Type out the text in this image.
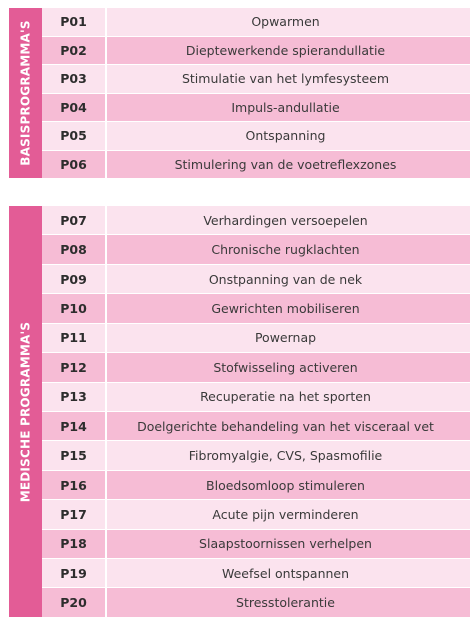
BASISPROGRAMMA'S	P01	Opwarmen
P02	Dieptewerkende spierandullatie
P03	Stimulatie van het lymfesysteem
P04	Impuls-andullatie
P05	Ontspanning
P06	Stimulering van de voetreflexzones
MEDISCHE PROGRAMMA'S
P07	Verhardingen versoepelen
P08	Chronische rugklachten
P09	Onstpanning van de nek
P10	Gewrichten mobiliseren
P11	Powernap
P12	Stofwisseling activeren
P13	Recuperatie na het sporten
P14	Doelgerichte behandeling van het visceraal vet
P15	Fibromyalgie, CVS, Spasmofilie
P16	Bloedsomloop stimuleren
P17	Acute pijn verminderen
P18	Slaapstoornissen verhelpen
P19	Weefsel ontspannen
P20	Stresstolerantie
